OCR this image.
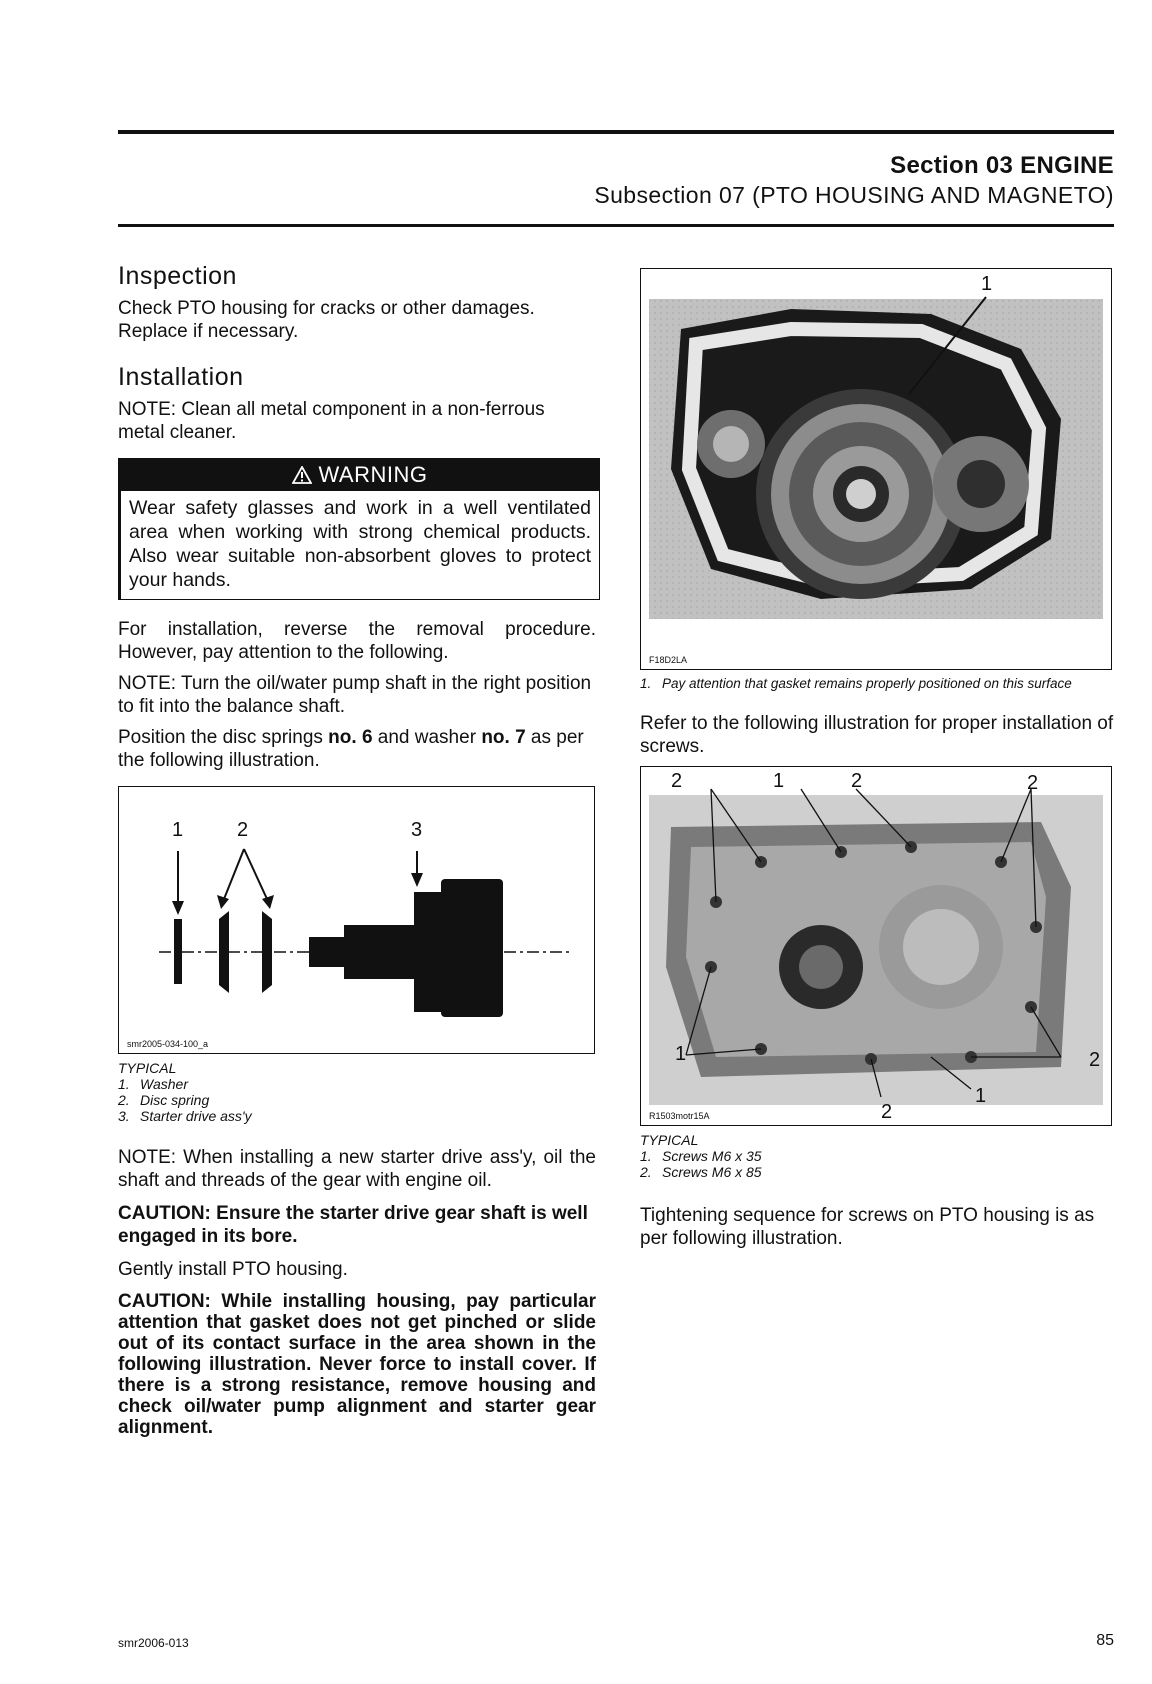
Section 03 ENGINE
Subsection 07 (PTO HOUSING AND MAGNETO)
Inspection

Check PTO housing for cracks or other damages. Replace if necessary.

Installation

NOTE: Clean all metal component in a non-ferrous metal cleaner.

WARNING
Wear safety glasses and work in a well ventilated area when working with strong chemical products. Also wear suitable non-absorbent gloves to protect your hands.

For installation, reverse the removal procedure. However, pay attention to the following.

NOTE: Turn the oil/water pump shaft in the right position to fit into the balance shaft.

Position the disc springs no. 6 and washer no. 7 as per the following illustration.

1	2	3
smr2005-034-100_a
TYPICAL
1. Washer
2. Disc spring
3. Starter drive ass'y

NOTE: When installing a new starter drive ass'y, oil the shaft and threads of the gear with engine oil.

CAUTION: Ensure the starter drive gear shaft is well engaged in its bore.

Gently install PTO housing.

CAUTION: While installing housing, pay particular attention that gasket does not get pinched or slide out of its contact surface in the area shown in the following illustration. Never force to install cover. If there is a strong resistance, remove housing and check oil/water pump alignment and starter gear alignment.

1
F18D2LA
1. Pay attention that gasket remains properly positioned on this surface

Refer to the following illustration for proper installation of screws.

2	1	2	2
1	2
1
2
R1503motr15A
TYPICAL
1. Screws M6 x 35
2. Screws M6 x 85

Tightening sequence for screws on PTO housing is as per following illustration.

smr2006-013	85
